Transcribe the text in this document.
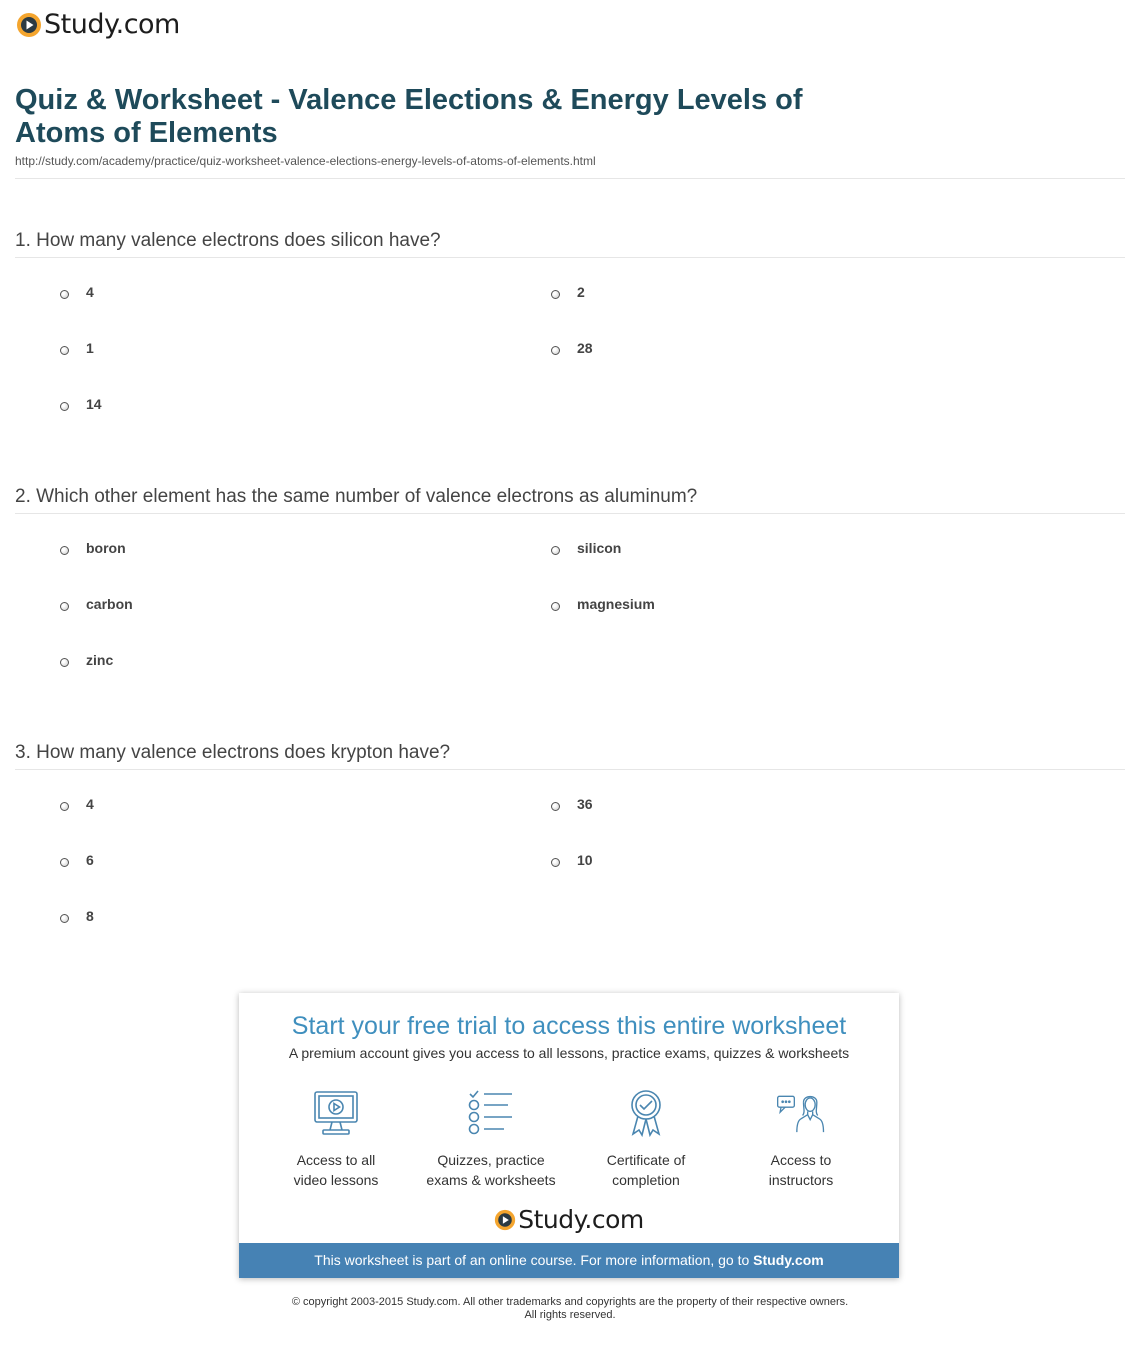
Study.com
Quiz & Worksheet - Valence Elections & Energy Levels of Atoms of Elements
http://study.com/academy/practice/quiz-worksheet-valence-elections-energy-levels-of-atoms-of-elements.html
1. How many valence electrons does silicon have?
4	2
1	28
14
2. Which other element has the same number of valence electrons as aluminum?
boron	silicon
carbon	magnesium
zinc
3. How many valence electrons does krypton have?
4	36
6	10
8
Start your free trial to access this entire worksheet
A premium account gives you access to all lessons, practice exams, quizzes & worksheets
Access to all
video lessons
Quizzes, practice
exams & worksheets
Certificate of
completion
Access to
instructors
Study.com
This worksheet is part of an online course. For more information, go to Study.com
© copyright 2003-2015 Study.com. All other trademarks and copyrights are the property of their respective owners.
All rights reserved.
